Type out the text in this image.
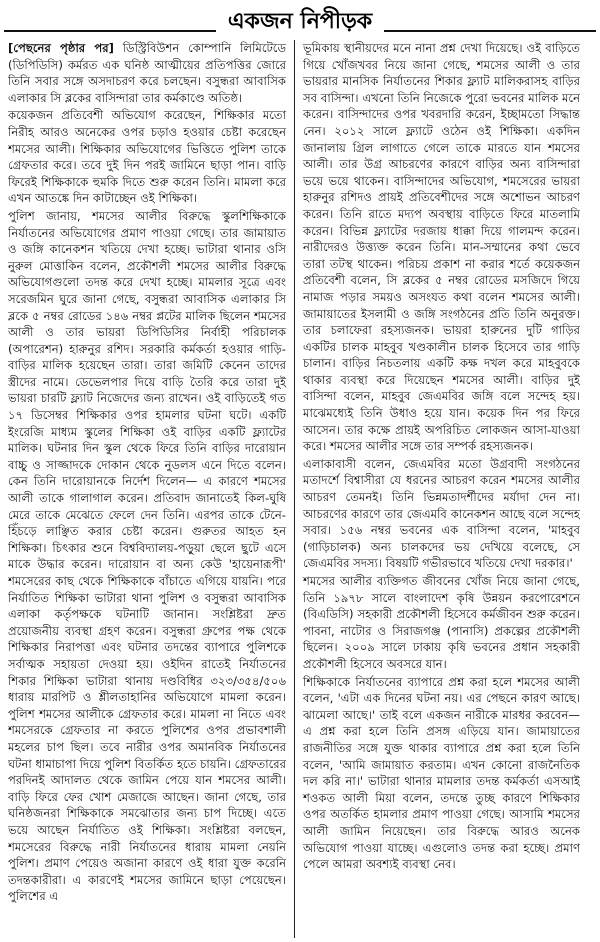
একজন নিপীড়ক

[পেছনের পৃষ্ঠার পর] ডিস্ট্রিবিউশন কোম্পানি লিমিটেডে (ডিপিডিসি) কর্মরত এক ঘনিষ্ঠ আত্মীয়ের প্রতিপত্তির জোরে তিনি সবার সঙ্গে অসদাচরণ করে চলছেন। বসুন্ধরা আবাসিক এলাকার সি ব্লকের বাসিন্দারা তার কর্মকাণ্ডে অতিষ্ঠ।

কয়েকজন প্রতিবেশী অভিযোগ করেছেন, শিক্ষিকার মতো নিরীহ আরও অনেকের ওপর চড়াও হওয়ার চেষ্টা করেছেন শমসের আলী। শিক্ষিকার অভিযোগের ভিত্তিতে পুলিশ তাকে গ্রেফতার করে। তবে দুই দিন পরই জামিনে ছাড়া পান। বাড়ি ফিরেই শিক্ষিকাকে হুমকি দিতে শুরু করেন তিনি। মামলা করে এখন আতঙ্কে দিন কাটাচ্ছেন ওই শিক্ষিকা।

পুলিশ জানায়, শমসের আলীর বিরুদ্ধে স্কুলশিক্ষিকাকে নির্যাতনের অভিযোগের প্রমাণ পাওয়া গেছে। তার জামায়াত ও জঙ্গি কানেকশন খতিয়ে দেখা হচ্ছে। ভাটারা থানার ওসি নুরুল মোত্তাকিন বলেন, প্রকৌশলী শমসের আলীর বিরুদ্ধে অভিযোগগুলো তদন্ত করে দেখা হচ্ছে। মামলার সূত্রে এবং সরেজমিন ঘুরে জানা গেছে, বসুন্ধরা আবাসিক এলাকার সি ব্লকে ৫ নম্বর রোডের ১৪৬ নম্বর প্লটের মালিক ছিলেন শমসের আলী ও তার ভায়রা ডিপিডিসির নির্বাহী পরিচালক (অপারেশন) হারুনুর রশিদ। সরকারি কর্মকর্তা হওয়ার গাড়ি-বাড়ির মালিক হয়েছেন তারা। তারা জমিটি কেনেন তাদের স্ত্রীদের নামে। ডেভেলপার দিয়ে বাড়ি তৈরি করে তারা দুই ভায়রা চারটি ফ্ল্যাট নিজেদের জন্য রাখেন। ওই বাড়িতেই গত ১৭ ডিসেম্বর শিক্ষিকার ওপর হামলার ঘটনা ঘটে। একটি ইংরেজি মাধ্যম স্কুলের শিক্ষিকা ওই বাড়ির একটি ফ্ল্যাটের মালিক। ঘটনার দিন স্কুল থেকে ফিরে তিনি বাড়ির দারোয়ান বাচ্চু ও সাজ্জাদকে দোকান থেকে নুডলস এনে দিতে বলেন। কেন তিনি দারোয়ানকে নির্দেশ দিলেন— এ কারণে শমসের আলী তাকে গালাগাল করেন। প্রতিবাদ জানাতেই কিল-ঘুষি মেরে তাকে মেঝেতে ফেলে দেন তিনি। এরপর তাকে টেনে-হিঁচড়ে লাঞ্ছিত করার চেষ্টা করেন। গুরুতর আহত হন শিক্ষিকা। চিৎকার শুনে বিশ্ববিদ্যালয়-পড়ুয়া ছেলে ছুটে এসে মাকে উদ্ধার করেন। দারোয়ান বা অন্য কেউ 'হায়েনারূপী' শমসেরের কাছ থেকে শিক্ষিকাকে বাঁচাতে এগিয়ে যায়নি। পরে নির্যাতিত শিক্ষিকা ভাটারা থানা পুলিশ ও বসুন্ধরা আবাসিক এলাকা কর্তৃপক্ষকে ঘটনাটি জানান। সংশ্লিষ্টরা দ্রুত প্রয়োজনীয় ব্যবস্থা গ্রহণ করেন। বসুন্ধরা গ্রুপের পক্ষ থেকে শিক্ষিকার নিরাপত্তা এবং ঘটনার তদন্তের ব্যাপারে পুলিশকে সর্বাত্মক সহায়তা দেওয়া হয়। ওইদিন রাতেই নির্যাতনের শিকার শিক্ষিকা ভাটারা থানায় দণ্ডবিধির ৩২৩/৩৫৪/৫০৬ ধারায় মারপিট ও শ্লীলতাহানির অভিযোগে মামলা করেন। পুলিশ শমসের আলীকে গ্রেফতার করে। মামলা না নিতে এবং শমসেরকে গ্রেফতার না করতে পুলিশের ওপর প্রভাবশালী মহলের চাপ ছিল। তবে নারীর ওপর অমানবিক নির্যাতনের ঘটনা ধামাচাপা দিয়ে পুলিশ বিতর্কিত হতে চায়নি। গ্রেফতারের পরদিনই আদালত থেকে জামিন পেয়ে যান শমসের আলী। বাড়ি ফিরে ফের খোশ মেজাজে আছেন। জানা গেছে, তার ঘনিষ্ঠজনরা শিক্ষিকাকে সমঝোতার জন্য চাপ দিচ্ছে। এতে ভয়ে আছেন নির্যাতিত ওই শিক্ষিকা। সংশ্লিষ্টরা বলছেন, শমসেরের বিরুদ্ধে নারী নির্যাতনের ধারায় মামলা নেয়নি পুলিশ। প্রমাণ পেয়েও অজানা কারণে ওই ধারা যুক্ত করেনি তদন্তকারীরা। এ কারণেই শমসের জামিনে ছাড়া পেয়েছেন। পুলিশের এ

ভূমিকায় স্থানীয়দের মনে নানা প্রশ্ন দেখা দিয়েছে। ওই বাড়িতে গিয়ে খোঁজখবর নিয়ে জানা গেছে, শমসের আলী ও তার ভায়রার মানসিক নির্যাতনের শিকার ফ্ল্যাট মালিকরাসহ বাড়ির সব বাসিন্দা। এখনো তিনি নিজেকে পুরো ভবনের মালিক মনে করেন। বাসিন্দাদের ওপর খবরদারি করেন, ইচ্ছামতো সিদ্ধান্ত নেন। ২০১২ সালে ফ্ল্যাটে ওঠেন ওই শিক্ষিকা। একদিন জানালায় গ্রিল লাগাতে গেলে তাকে মারতে যান শমসের আলী। তার উগ্র আচরণের কারণে বাড়ির অন্য বাসিন্দারা ভয়ে ভয়ে থাকেন। বাসিন্দাদের অভিযোগ, শমসেরের ভায়রা হারুনুর রশিদও প্রায়ই প্রতিবেশীদের সঙ্গে অশোভন আচরণ করেন। তিনি রাতে মদ্যপ অবস্থায় বাড়িতে ফিরে মাতলামি করেন। বিভিন্ন ফ্ল্যাটের দরজায় ধাক্কা দিয়ে গালমন্দ করেন। নারীদেরও উত্ত্যক্ত করেন তিনি। মান-সম্মানের কথা ভেবে তারা তটস্থ থাকেন। পরিচয় প্রকাশ না করার শর্তে কয়েকজন প্রতিবেশী বলেন, সি ব্লকের ৫ নম্বর রোডের মসজিদে গিয়ে নামাজ পড়ার সময়ও অসংযত কথা বলেন শমসের আলী। জামায়াতের ইসলামী ও জঙ্গি সংগঠনের প্রতি তিনি অনুরক্ত। তার চলাফেরা রহস্যজনক। ভায়রা হারুনের দুটি গাড়ির একটির চালক মাহবুব খণ্ডকালীন চালক হিসেবে তার গাড়ি চালান। বাড়ির নিচতলায় একটি কক্ষ দখল করে মাহবুবকে থাকার ব্যবস্থা করে দিয়েছেন শমসের আলী। বাড়ির দুই বাসিন্দা বলেন, মাহবুব জেএমবির জঙ্গি বলে সন্দেহ হয়। মাঝেমধ্যেই তিনি উধাও হয়ে যান। কয়েক দিন পর ফিরে আসেন। তার কক্ষে প্রায়ই অপরিচিত লোকজন আসা-যাওয়া করে। শমসের আলীর সঙ্গে তার সম্পর্ক রহস্যজনক।

এলাকাবাসী বলেন, জেএমবির মতো উগ্রবাদী সংগঠনের মতাদর্শে বিশ্বাসীরা যে ধরনের আচরণ করেন শমসের আলীর আচরণ তেমনই। তিনি ভিন্নমতাদর্শীদের মর্যাদা দেন না। আচরণের কারণে তার জেএমবি কানেকশন আছে বলে সন্দেহ সবার। ১৫৬ নম্বর ভবনের এক বাসিন্দা বলেন, 'মাহবুব (গাড়িচালক) অন্য চালকদের ভয় দেখিয়ে বলেছে, সে জেএমবির সদস্য। বিষয়টি গভীরভাবে খতিয়ে দেখা দরকার।'

শমসের আলীর ব্যক্তিগত জীবনের খোঁজ নিয়ে জানা গেছে, তিনি ১৯৭৮ সালে বাংলাদেশ কৃষি উন্নয়ন করপোরেশনে (বিএডিসি) সহকারী প্রকৌশলী হিসেবে কর্মজীবন শুরু করেন। পাবনা, নাটোর ও সিরাজগঞ্জ (পানাসি) প্রকল্পের প্রকৌশলী ছিলেন। ২০০৯ সালে ঢাকায় কৃষি ভবনের প্রধান সহকারী প্রকৌশলী হিসেবে অবসরে যান।

শিক্ষিকাকে নির্যাতনের ব্যাপারে প্রশ্ন করা হলে শমসের আলী বলেন, 'এটা এক দিনের ঘটনা নয়। এর পেছনে কারণ আছে। ঝামেলা আছে।' তাই বলে একজন নারীকে মারধর করবেন— এ প্রশ্ন করা হলে তিনি প্রসঙ্গ এড়িয়ে যান। জামায়াতের রাজনীতির সঙ্গে যুক্ত থাকার ব্যাপারে প্রশ্ন করা হলে তিনি বলেন, 'আমি জামায়াত করতাম। এখন কোনো রাজনৈতিক দল করি না।' ভাটারা থানার মামলার তদন্ত কর্মকর্তা এসআই শওকত আলী মিয়া বলেন, তদন্তে তুচ্ছ কারণে শিক্ষিকার ওপর অতর্কিত হামলার প্রমাণ পাওয়া গেছে। আসামি শমসের আলী জামিন নিয়েছেন। তার বিরুদ্ধে আরও অনেক অভিযোগ পাওয়া যাচ্ছে। এগুলোও তদন্ত করা হচ্ছে। প্রমাণ পেলে আমরা অবশ্যই ব্যবস্থা নেব।
